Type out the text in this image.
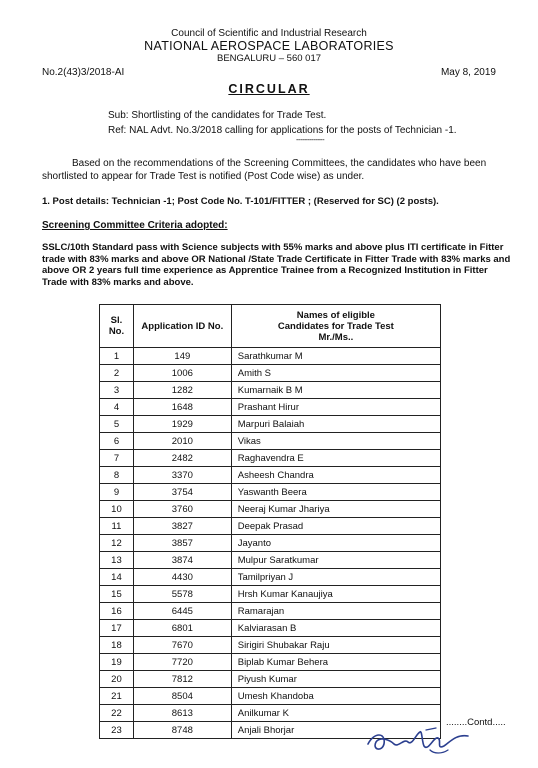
Council of Scientific and Industrial Research
NATIONAL AEROSPACE LABORATORIES
BENGALURU – 560 017
No.2(43)3/2018-AI	May 8, 2019
CIRCULAR
Sub: Shortlisting of the candidates for Trade Test.
Ref: NAL Advt. No.3/2018 calling for applications for the posts of Technician -1.
-------------
Based on the recommendations of the Screening Committees, the candidates who have been shortlisted to appear for Trade Test is notified (Post Code wise) as under.
1. Post details: Technician -1; Post Code No. T-101/FITTER ; (Reserved for SC) (2 posts).
Screening Committee Criteria adopted:
SSLC/10th Standard pass with Science subjects with 55% marks and above plus ITI certificate in Fitter trade with 83% marks and above OR National /State Trade Certificate in Fitter Trade with 83% marks and above OR 2 years full time experience as Apprentice Trainee from a Recognized Institution in Fitter Trade with 83% marks and above.
Sl.
No.	Application ID No.	Names of eligible
Candidates for Trade Test
Mr./Ms..
1	149	Sarathkumar M
2	1006	Amith S
3	1282	Kumarnaik B M
4	1648	Prashant Hirur
5	1929	Marpuri Balaiah
6	2010	Vikas
7	2482	Raghavendra E
8	3370	Asheesh Chandra
9	3754	Yaswanth Beera
10	3760	Neeraj Kumar Jhariya
11	3827	Deepak Prasad
12	3857	Jayanto
13	3874	Mulpur Saratkumar
14	4430	Tamilpriyan J
15	5578	Hrsh Kumar Kanaujiya
16	6445	Ramarajan
17	6801	Kalviarasan B
18	7670	Sirigiri Shubakar Raju
19	7720	Biplab Kumar Behera
20	7812	Piyush Kumar
21	8504	Umesh Khandoba
22	8613	Anilkumar K
23	8748	Anjali Bhorjar
........Contd.....
